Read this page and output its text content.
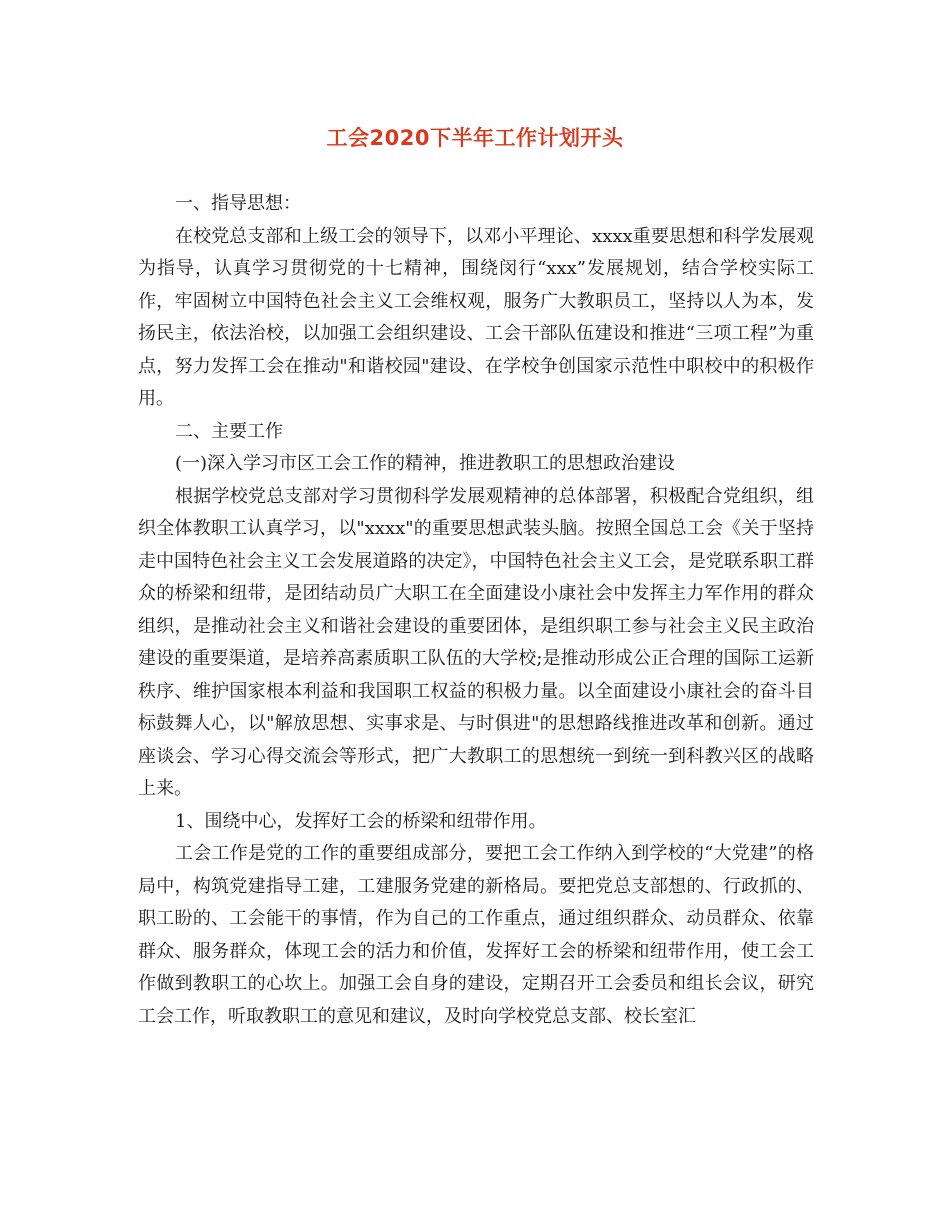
工会2020下半年工作计划开头

一、指导思想：

在校党总支部和上级工会的领导下，以邓小平理论、xxxx重要思想和科学发展观为指导，认真学习贯彻党的十七精神，围绕闵行“xxx”发展规划，结合学校实际工作，牢固树立中国特色社会主义工会维权观，服务广大教职员工，坚持以人为本，发扬民主，依法治校，以加强工会组织建设、工会干部队伍建设和推进“三项工程”为重点，努力发挥工会在推动"和谐校园"建设、在学校争创国家示范性中职校中的积极作用。

二、主要工作

(一)深入学习市区工会工作的精神，推进教职工的思想政治建设

根据学校党总支部对学习贯彻科学发展观精神的总体部署，积极配合党组织，组织全体教职工认真学习，以"xxxx"的重要思想武装头脑。按照全国总工会《关于坚持走中国特色社会主义工会发展道路的决定》，中国特色社会主义工会，是党联系职工群众的桥梁和纽带，是团结动员广大职工在全面建设小康社会中发挥主力军作用的群众组织，是推动社会主义和谐社会建设的重要团体，是组织职工参与社会主义民主政治建设的重要渠道，是培养高素质职工队伍的大学校;是推动形成公正合理的国际工运新秩序、维护国家根本利益和我国职工权益的积极力量。以全面建设小康社会的奋斗目标鼓舞人心，以"解放思想、实事求是、与时俱进"的思想路线推进改革和创新。通过座谈会、学习心得交流会等形式，把广大教职工的思想统一到统一到科教兴区的战略上来。

1、围绕中心，发挥好工会的桥梁和纽带作用。

工会工作是党的工作的重要组成部分，要把工会工作纳入到学校的“大党建”的格局中，构筑党建指导工建，工建服务党建的新格局。要把党总支部想的、行政抓的、职工盼的、工会能干的事情，作为自己的工作重点，通过组织群众、动员群众、依靠群众、服务群众，体现工会的活力和价值，发挥好工会的桥梁和纽带作用，使工会工作做到教职工的心坎上。加强工会自身的建设，定期召开工会委员和组长会议，研究工会工作，听取教职工的意见和建议，及时向学校党总支部、校长室汇
